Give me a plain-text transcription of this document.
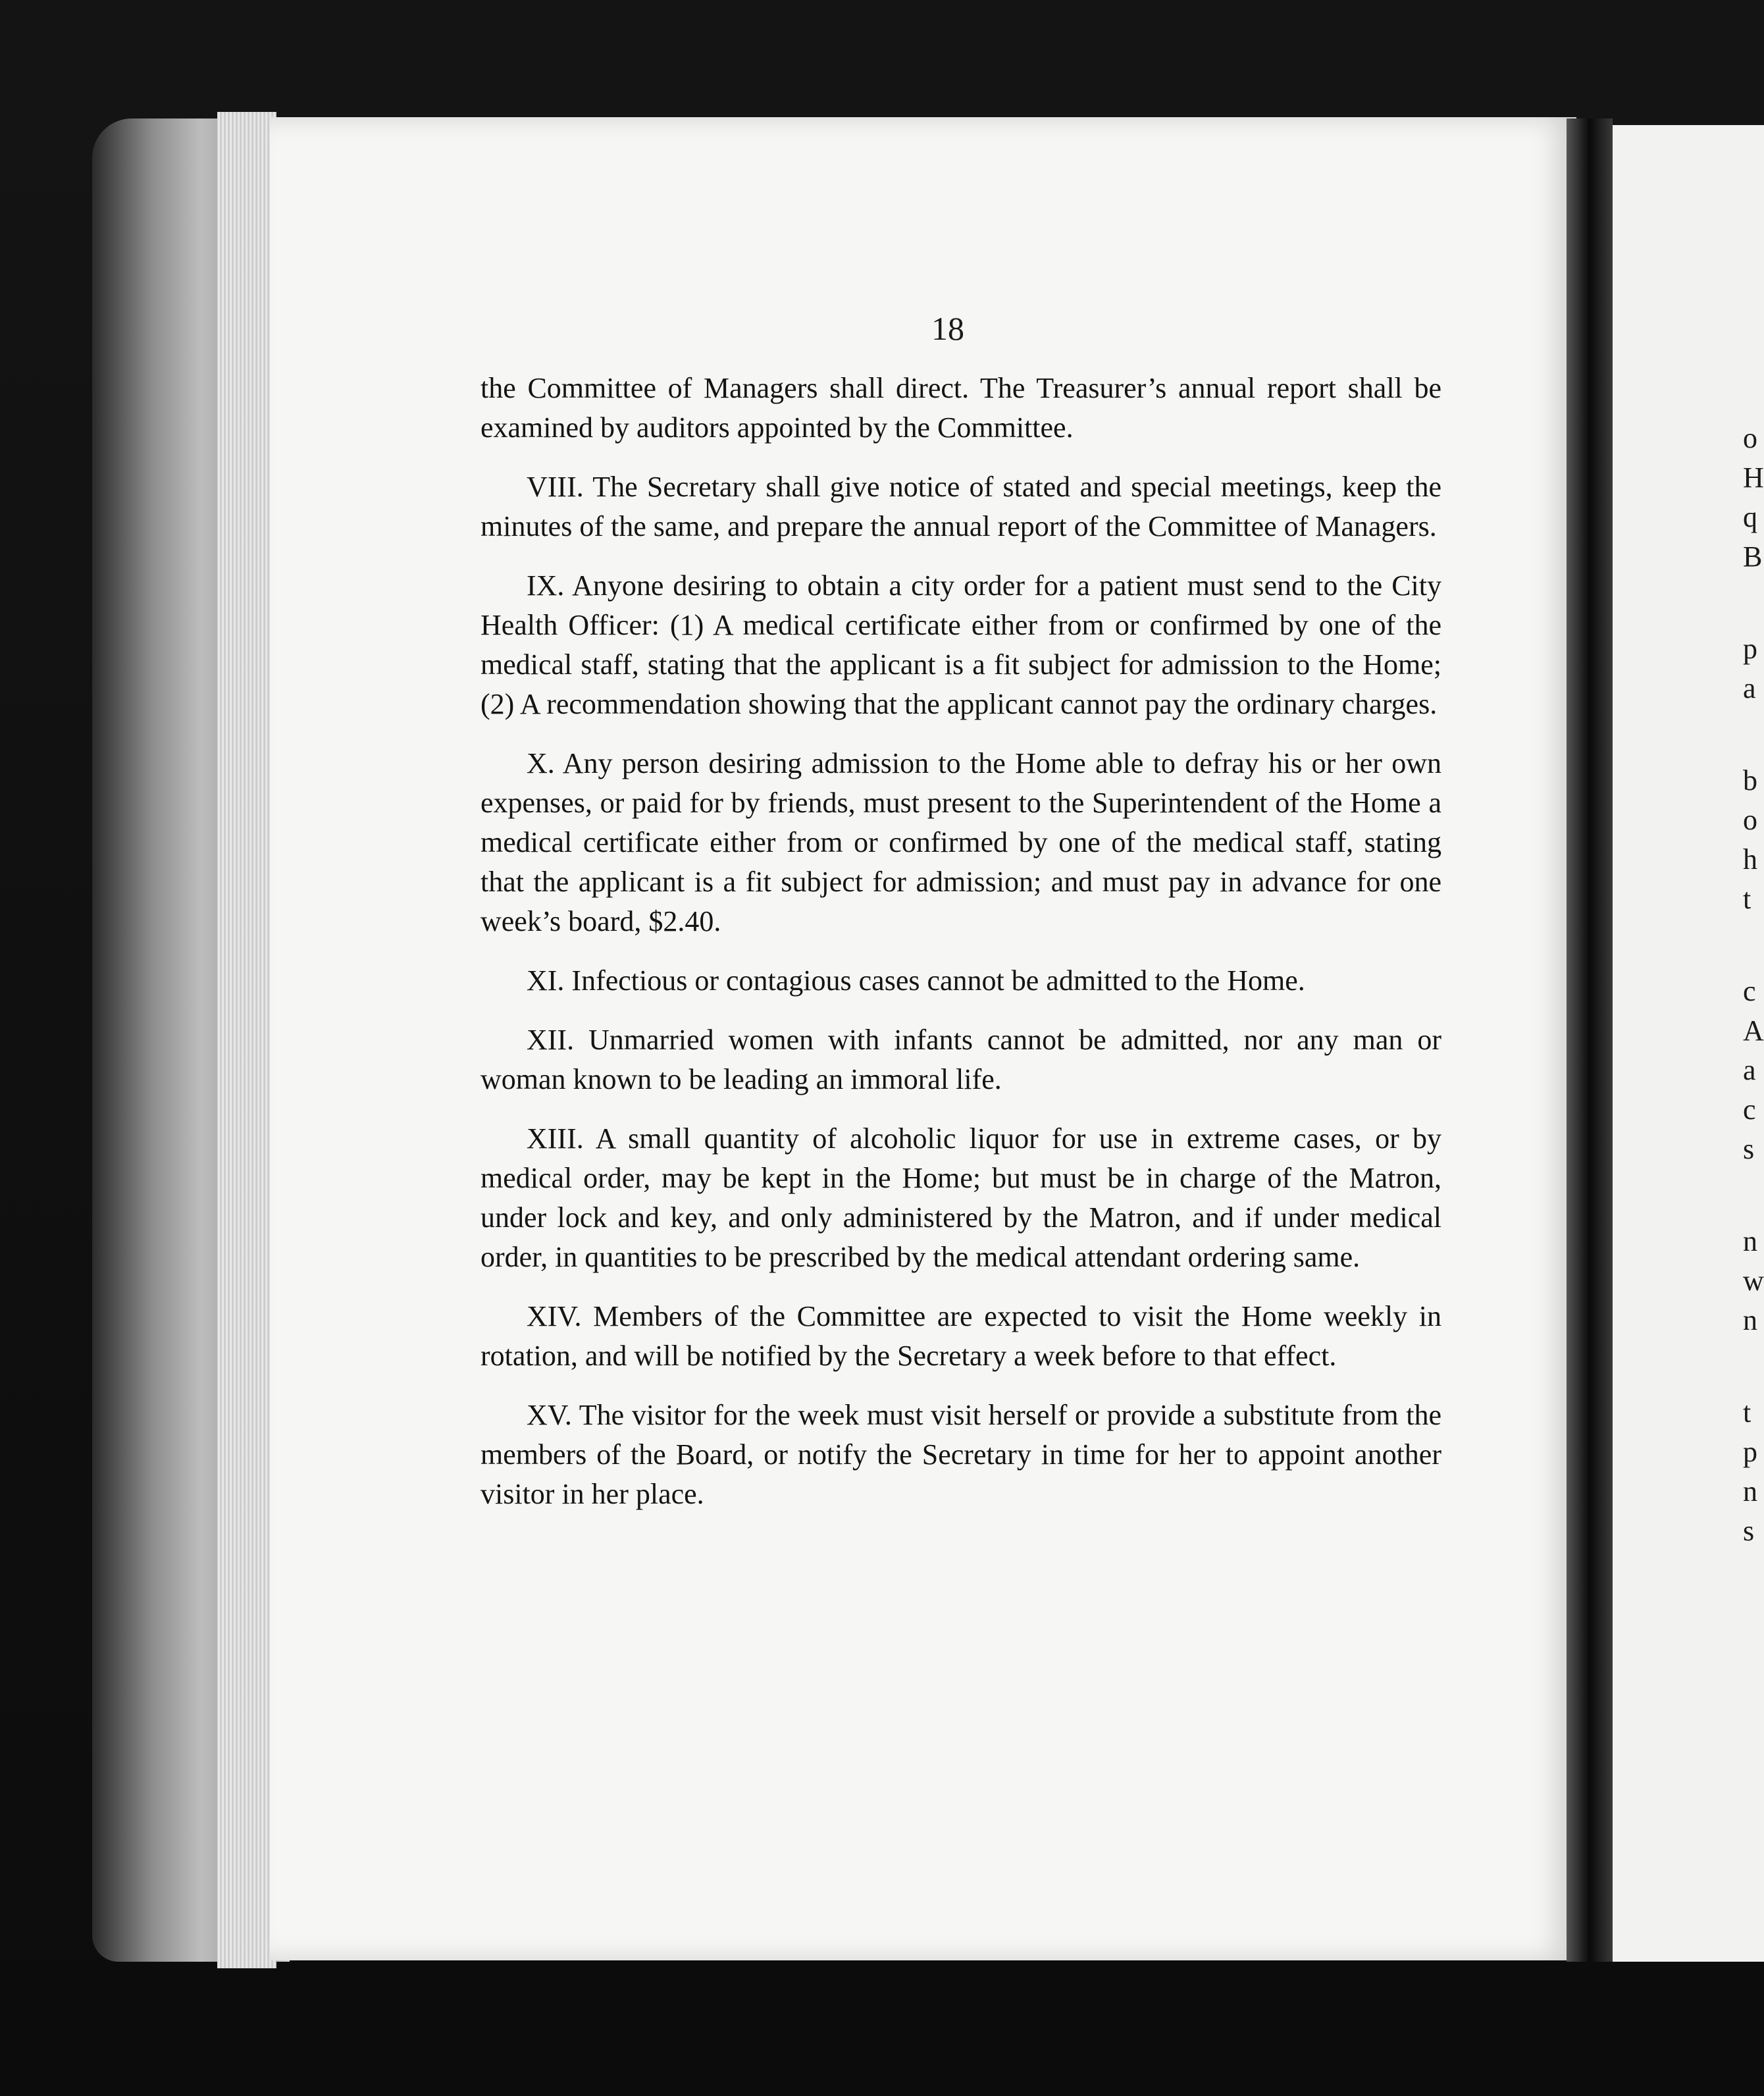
18

the Committee of Managers shall direct. The Treasurer’s annual report shall be examined by auditors appointed by the Committee.

VIII. The Secretary shall give notice of stated and special meetings, keep the minutes of the same, and prepare the annual report of the Committee of Managers.

IX. Anyone desiring to obtain a city order for a patient must send to the City Health Officer: (1) A medical certificate either from or confirmed by one of the medical staff, stating that the applicant is a fit subject for admission to the Home; (2) A recommendation showing that the applicant cannot pay the ordinary charges.

X. Any person desiring admission to the Home able to defray his or her own expenses, or paid for by friends, must present to the Superintendent of the Home a medical certificate either from or confirmed by one of the medical staff, stating that the applicant is a fit subject for admission; and must pay in advance for one week’s board, $2.40.

XI. Infectious or contagious cases cannot be admitted to the Home.

XII. Unmarried women with infants cannot be admitted, nor any man or woman known to be leading an immoral life.

XIII. A small quantity of alcoholic liquor for use in extreme cases, or by medical order, may be kept in the Home; but must be in charge of the Matron, under lock and key, and only administered by the Matron, and if under medical order, in quantities to be prescribed by the medical attendant ordering same.

XIV. Members of the Committee are expected to visit the Home weekly in rotation, and will be notified by the Secretary a week before to that effect.

XV. The visitor for the week must visit herself or provide a substitute from the members of the Board, or notify the Secretary in time for her to appoint another visitor in her place.

o
H
q
B
p
a
b
o
h
t
c
A
a
c
s
n
w
n
t
p
n
s
